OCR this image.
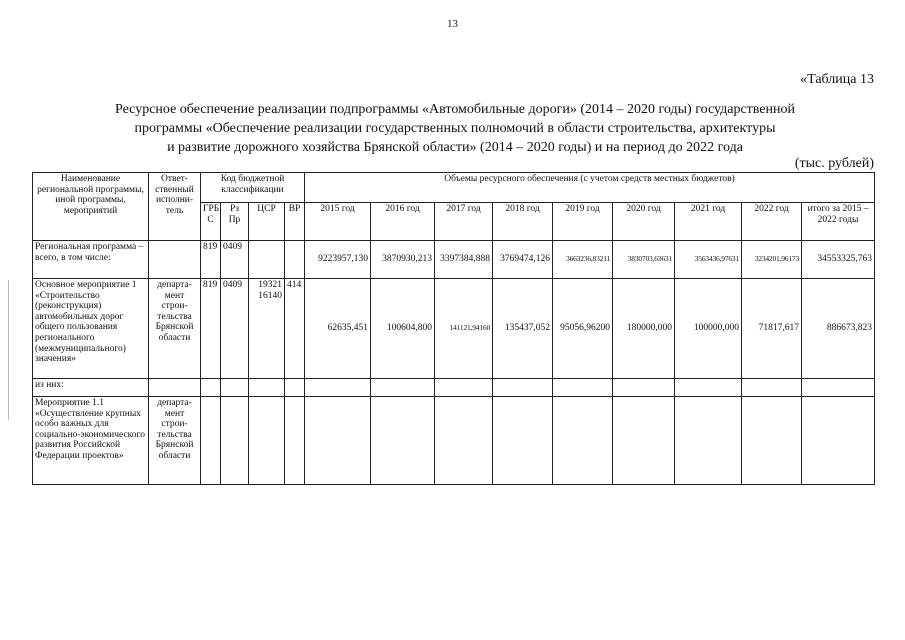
13
«Таблица 13
Ресурсное обеспечение реализации подпрограммы «Автомобильные дороги» (2014 – 2020 годы) государственной
программы «Обеспечение реализации государственных полномочий в области строительства, архитектуры
и развитие дорожного хозяйства Брянской области» (2014 – 2020 годы) и на период до 2022 года
(тыс. рублей)
Наименование региональной программы, иной программы, мероприятий	Ответ-ственный исполни-тель	Код бюджетной классификации				Объемы ресурсного обеспечения (с учетом средств местных бюджетов)								
		ГРБ С	Рз Пр	ЦСР	ВР	2015 год	2016 год	2017 год	2018 год	2019 год	2020 год	2021 год	2022 год	итого за 2015 – 2022 годы
Региональная программа – всего, в том числе:		819	0409			9223957,130	3870930,213	3397384,888	3769474,126	3663236,83211	3830703,63631	3563436,97631	3234201,96173	34553325,763
Основное мероприятие 1 «Строительство (реконструкция) автомобильных дорог общего пользования регионального (межмуниципального) значения»	департа-мент строи-тельства Брянской области	819	0409	19321 16140	414	62635,451	100604,800	141121,94160	135437,052	95056,96200	180000,000	100000,000	71817,617	886673,823
из них:														
Мероприятие 1.1 «Осуществление крупных особо важных для социально-экономического развития Российской Федерации проектов»	департа-мент строи-тельства Брянской области													
